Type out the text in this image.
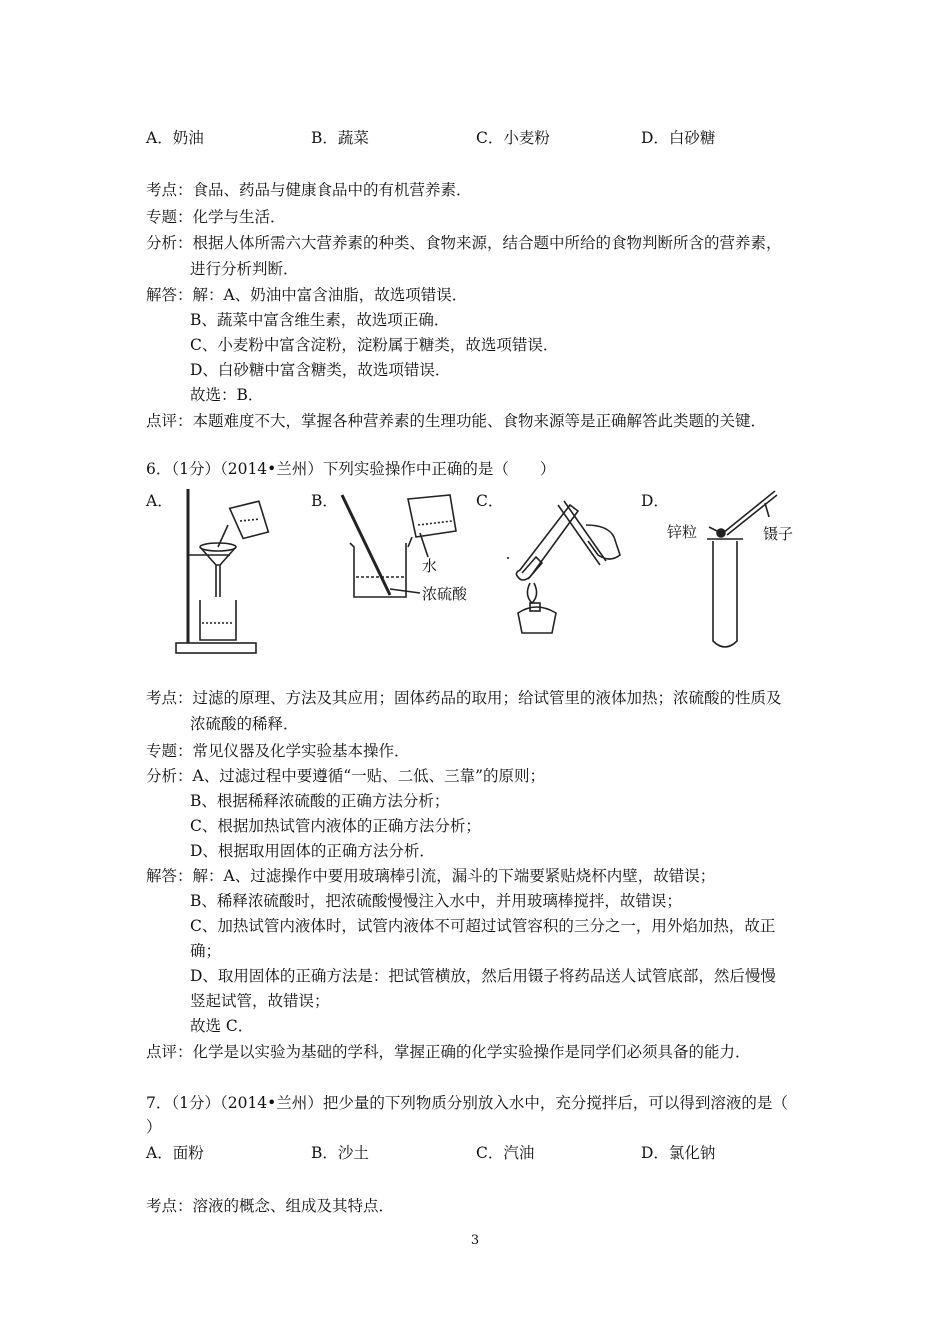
A．奶油	B．蔬菜	C．小麦粉	D．白砂糖
考点：食品、药品与健康食品中的有机营养素．
专题：化学与生活．
分析：根据人体所需六大营养素的种类、食物来源，结合题中所给的食物判断所含的营养素，
进行分析判断．
解答：解：A、奶油中富含油脂，故选项错误．
B、蔬菜中富含维生素，故选项正确．
C、小麦粉中富含淀粉，淀粉属于糖类，故选项错误．
D、白砂糖中富含糖类，故选项错误．
故选：B．
点评：本题难度不大，掌握各种营养素的生理功能、食物来源等是正确解答此类题的关键．
6．（1分）（2014•兰州）下列实验操作中正确的是（　　）
A．	B．	C．	D．
水
浓硫酸
锌粒	镊子
考点：过滤的原理、方法及其应用；固体药品的取用；给试管里的液体加热；浓硫酸的性质及
浓硫酸的稀释．
专题：常见仪器及化学实验基本操作．
分析：A、过滤过程中要遵循“一贴、二低、三靠”的原则；
B、根据稀释浓硫酸的正确方法分析；
C、根据加热试管内液体的正确方法分析；
D、根据取用固体的正确方法分析．
解答：解：A、过滤操作中要用玻璃棒引流，漏斗的下端要紧贴烧杯内壁，故错误；
B、稀释浓硫酸时，把浓硫酸慢慢注入水中，并用玻璃棒搅拌，故错误；
C、加热试管内液体时，试管内液体不可超过试管容积的三分之一，用外焰加热，故正
确；
D、取用固体的正确方法是：把试管横放，然后用镊子将药品送人试管底部，然后慢慢
竖起试管，故错误；
故选 C．
点评：化学是以实验为基础的学科，掌握正确的化学实验操作是同学们必须具备的能力．
7．（1分）（2014•兰州）把少量的下列物质分别放入水中，充分搅拌后，可以得到溶液的是（
）
A．面粉	B．沙土	C．汽油	D．氯化钠
考点：溶液的概念、组成及其特点．
3
